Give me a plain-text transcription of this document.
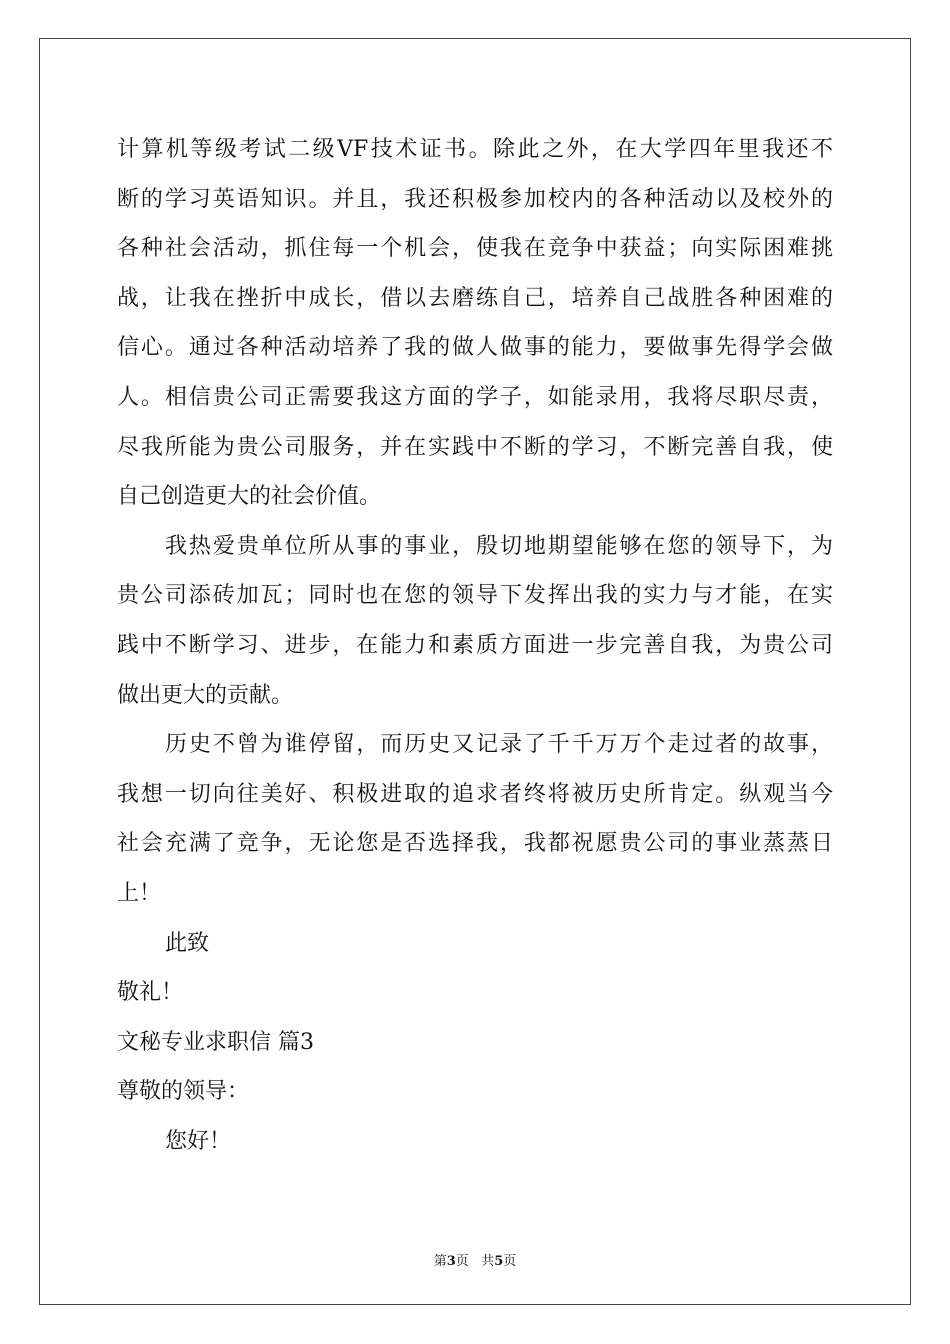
计算机等级考试二级VF技术证书。除此之外，在大学四年里我还不
断的学习英语知识。并且，我还积极参加校内的各种活动以及校外的
各种社会活动，抓住每一个机会，使我在竞争中获益；向实际困难挑
战，让我在挫折中成长，借以去磨练自己，培养自己战胜各种困难的
信心。通过各种活动培养了我的做人做事的能力，要做事先得学会做
人。相信贵公司正需要我这方面的学子，如能录用，我将尽职尽责，
尽我所能为贵公司服务，并在实践中不断的学习，不断完善自我，使
自己创造更大的社会价值。
我热爱贵单位所从事的事业，殷切地期望能够在您的领导下，为
贵公司添砖加瓦；同时也在您的领导下发挥出我的实力与才能，在实
践中不断学习、进步，在能力和素质方面进一步完善自我，为贵公司
做出更大的贡献。
历史不曾为谁停留，而历史又记录了千千万万个走过者的故事，
我想一切向往美好、积极进取的追求者终将被历史所肯定。纵观当今
社会充满了竞争，无论您是否选择我，我都祝愿贵公司的事业蒸蒸日
上！
此致
敬礼！
文秘专业求职信 篇3
尊敬的领导：
您好！
第3页 共5页
